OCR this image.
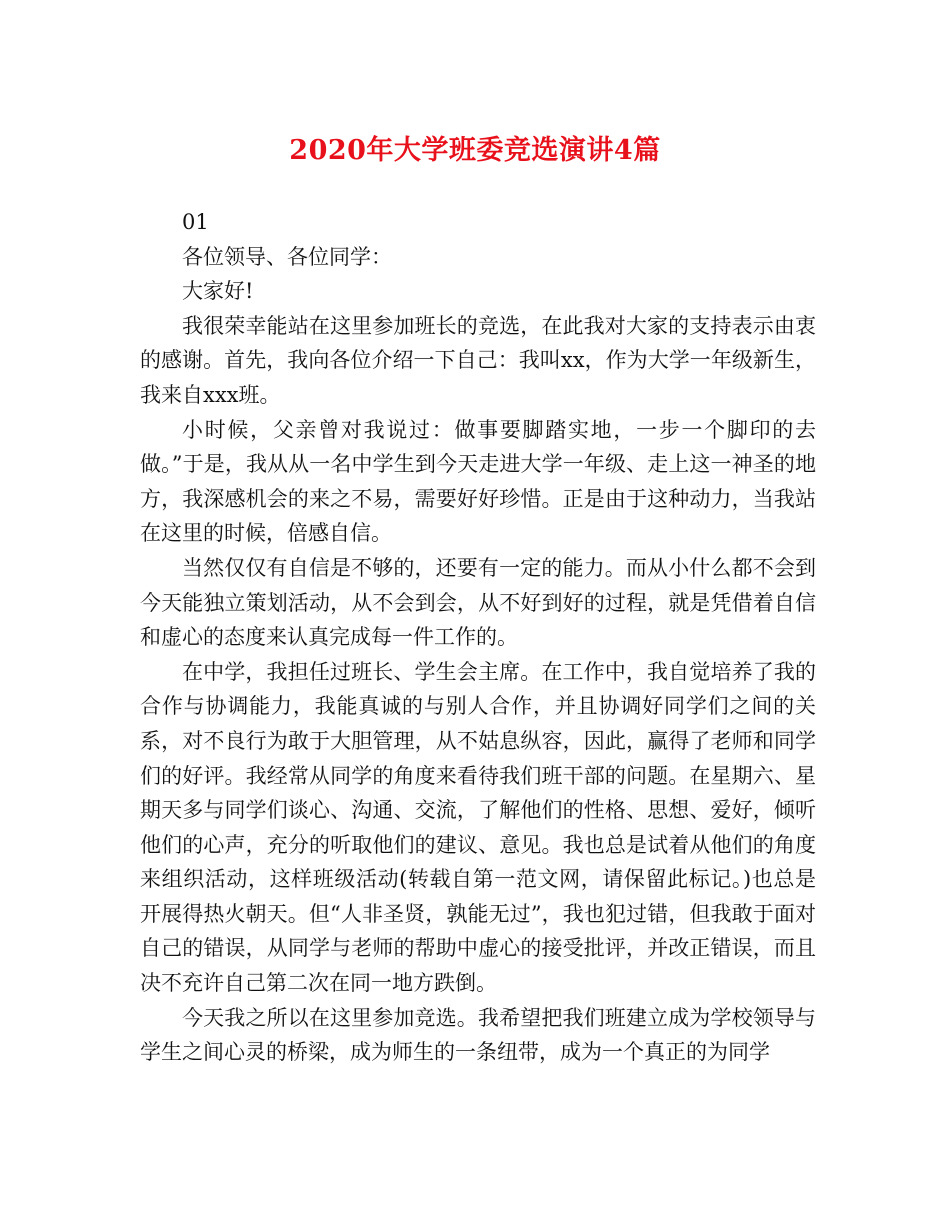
2020年大学班委竞选演讲4篇

01

各位领导、各位同学：

大家好!

我很荣幸能站在这里参加班长的竞选，在此我对大家的支持表示由衷的感谢。首先，我向各位介绍一下自己：我叫xx，作为大学一年级新生，我来自xxx班。

小时候，父亲曾对我说过：做事要脚踏实地，一步一个脚印的去做。”于是，我从从一名中学生到今天走进大学一年级、走上这一神圣的地方，我深感机会的来之不易，需要好好珍惜。正是由于这种动力，当我站在这里的时候，倍感自信。

当然仅仅有自信是不够的，还要有一定的能力。而从小什么都不会到今天能独立策划活动，从不会到会，从不好到好的过程，就是凭借着自信和虚心的态度来认真完成每一件工作的。

在中学，我担任过班长、学生会主席。在工作中，我自觉培养了我的合作与协调能力，我能真诚的与别人合作，并且协调好同学们之间的关系，对不良行为敢于大胆管理，从不姑息纵容，因此，赢得了老师和同学们的好评。我经常从同学的角度来看待我们班干部的问题。在星期六、星期天多与同学们谈心、沟通、交流，了解他们的性格、思想、爱好，倾听他们的心声，充分的听取他们的建议、意见。我也总是试着从他们的角度来组织活动，这样班级活动(转载自第一范文网，请保留此标记。)也总是开展得热火朝天。但“人非圣贤，孰能无过”，我也犯过错，但我敢于面对自己的错误，从同学与老师的帮助中虚心的接受批评，并改正错误，而且决不充许自己第二次在同一地方跌倒。

今天我之所以在这里参加竞选。我希望把我们班建立成为学校领导与学生之间心灵的桥梁，成为师生的一条纽带，成为一个真正的为同学
